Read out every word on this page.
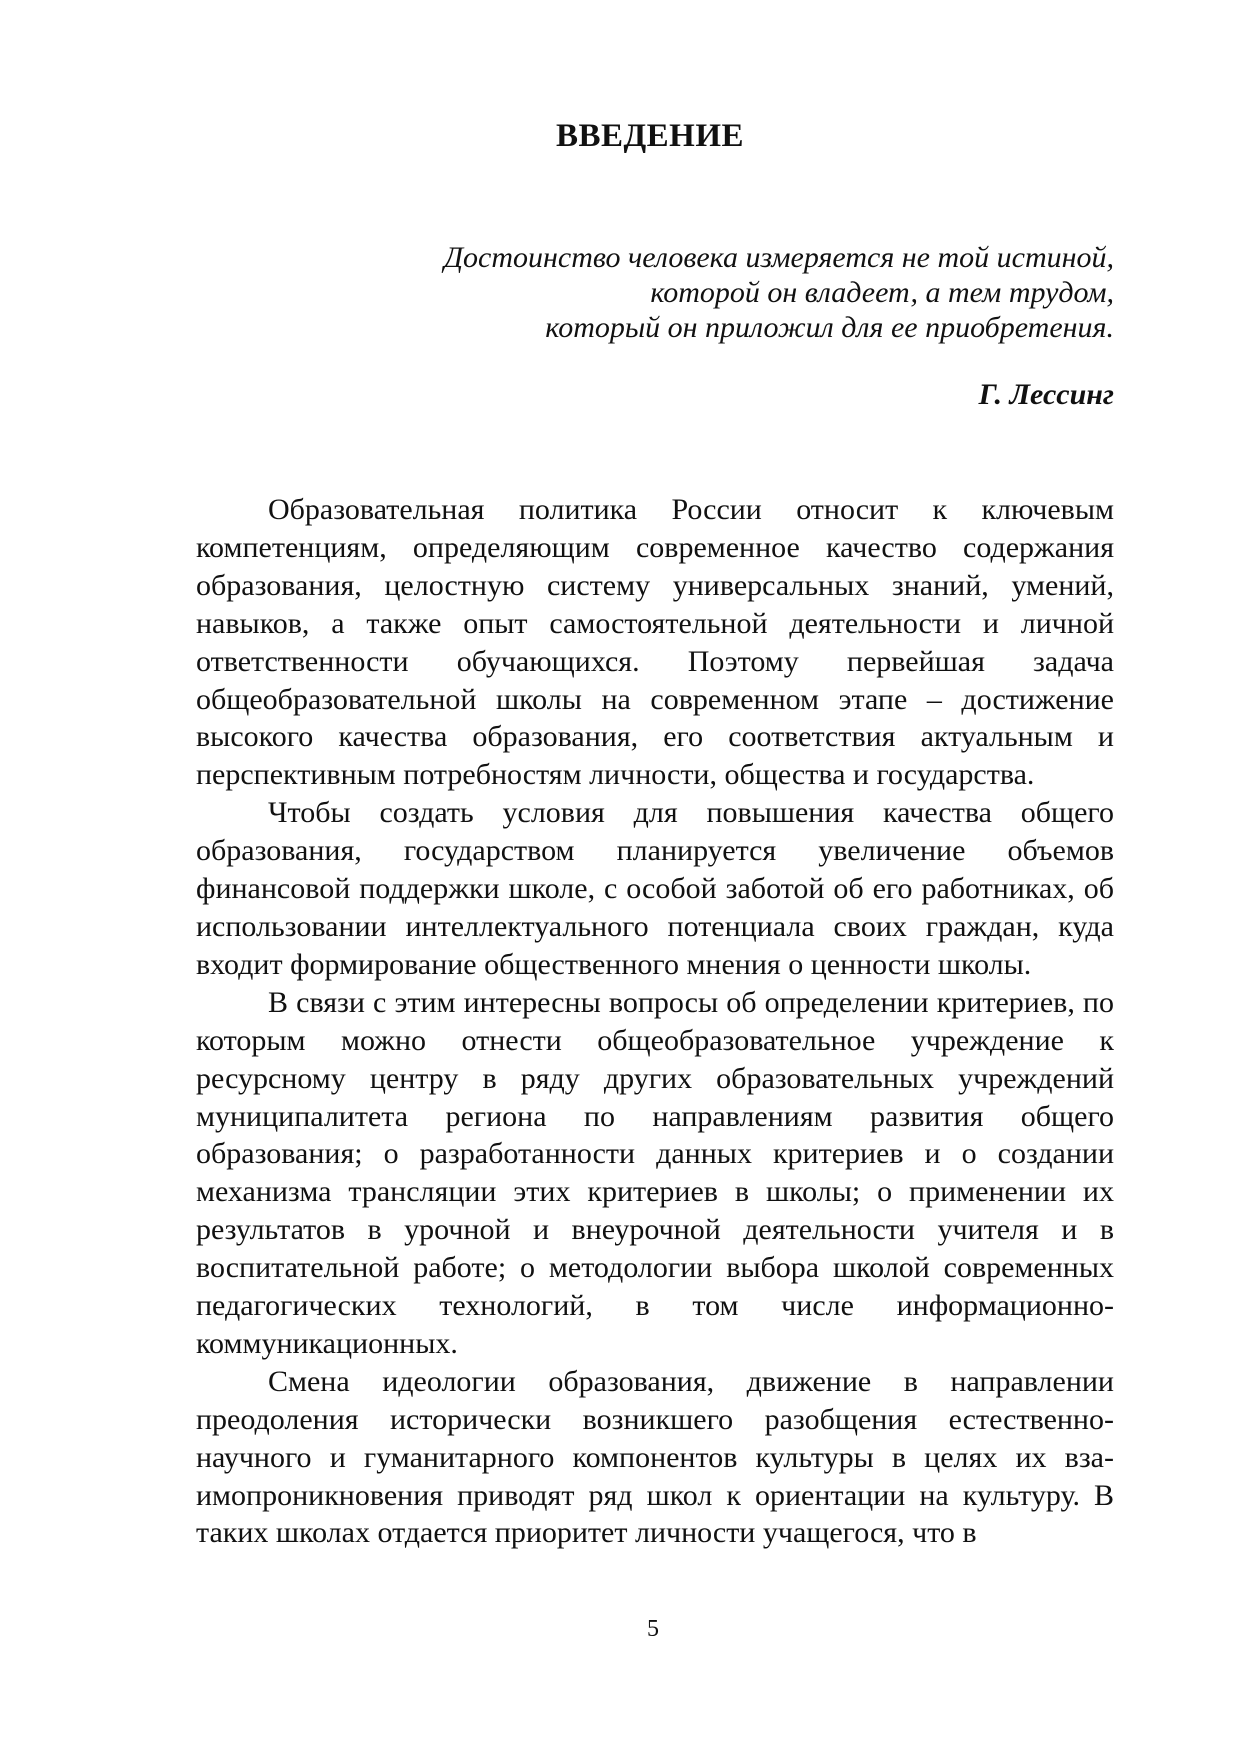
ВВЕДЕНИЕ
Достоинство человека измеряется не той истиной,
которой он владеет, а тем трудом,
который он приложил для ее приобретения.
Г. Лессинг

Образовательная политика России относит к ключевым компетенциям, определяющим современное качество содержания образования, целостную систему универсальных знаний, умений, навыков, а также опыт самостоятельной деятельности и личной ответственности обучающихся. Поэтому первейшая задача общеобразовательной школы на современном этапе – достижение высокого качества образования, его соответствия актуальным и перспективным потребностям личности, общества и государства.

Чтобы создать условия для повышения качества общего образования, государством планируется увеличение объемов финансовой поддержки школе, с особой заботой об его работниках, об использовании интеллектуального потенциала своих граждан, куда входит формирование общественного мнения о ценности школы.

В связи с этим интересны вопросы об определении критериев, по которым можно отнести общеобразовательное учреждение к ресурсному центру в ряду других образовательных учреждений муниципалитета региона по направлениям развития общего образования; о разработанности данных критериев и о создании механизма трансляции этих критериев в школы; о применении их результатов в урочной и внеурочной деятельности учителя и в воспитательной работе; о методологии выбора школой современных педагогических технологий, в том числе информационно-коммуникационных.

Смена идеологии образования, движение в направлении преодоления исторически возникшего разобщения естественнонаучного и гуманитарного компонентов культуры в целях их взаимопроникновения приводят ряд школ к ориентации на культуру. В таких школах отдается приоритет личности учащегося, что в

5
